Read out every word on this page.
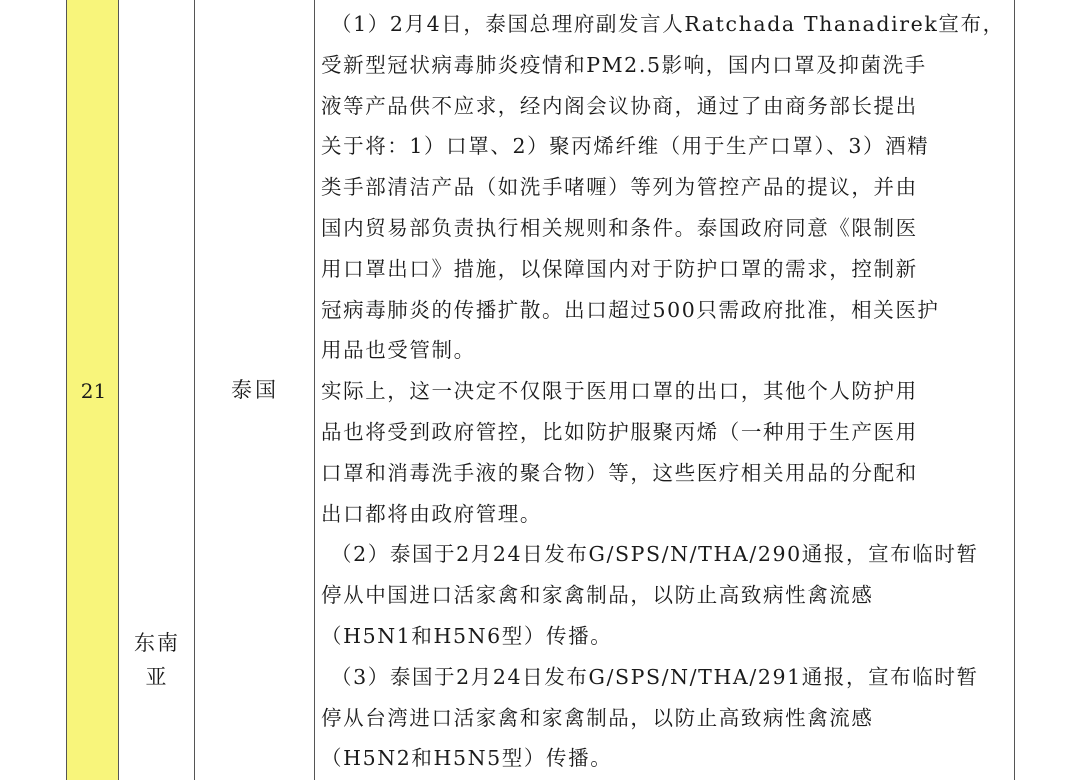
21
东南
亚
泰国
（1）2月4日，泰国总理府副发言人Ratchada Thanadirek宣布，
受新型冠状病毒肺炎疫情和PM2.5影响，国内口罩及抑菌洗手
液等产品供不应求，经内阁会议协商，通过了由商务部长提出
关于将：1）口罩、2）聚丙烯纤维（用于生产口罩）、3）酒精
类手部清洁产品（如洗手啫喱）等列为管控产品的提议，并由
国内贸易部负责执行相关规则和条件。泰国政府同意《限制医
用口罩出口》措施，以保障国内对于防护口罩的需求，控制新
冠病毒肺炎的传播扩散。出口超过500只需政府批准，相关医护
用品也受管制。
实际上，这一决定不仅限于医用口罩的出口，其他个人防护用
品也将受到政府管控，比如防护服聚丙烯（一种用于生产医用
口罩和消毒洗手液的聚合物）等，这些医疗相关用品的分配和
出口都将由政府管理。
（2）泰国于2月24日发布G/SPS/N/THA/290通报，宣布临时暂
停从中国进口活家禽和家禽制品，以防止高致病性禽流感
（H5N1和H5N6型）传播。
（3）泰国于2月24日发布G/SPS/N/THA/291通报，宣布临时暂
停从台湾进口活家禽和家禽制品，以防止高致病性禽流感
（H5N2和H5N5型）传播。
